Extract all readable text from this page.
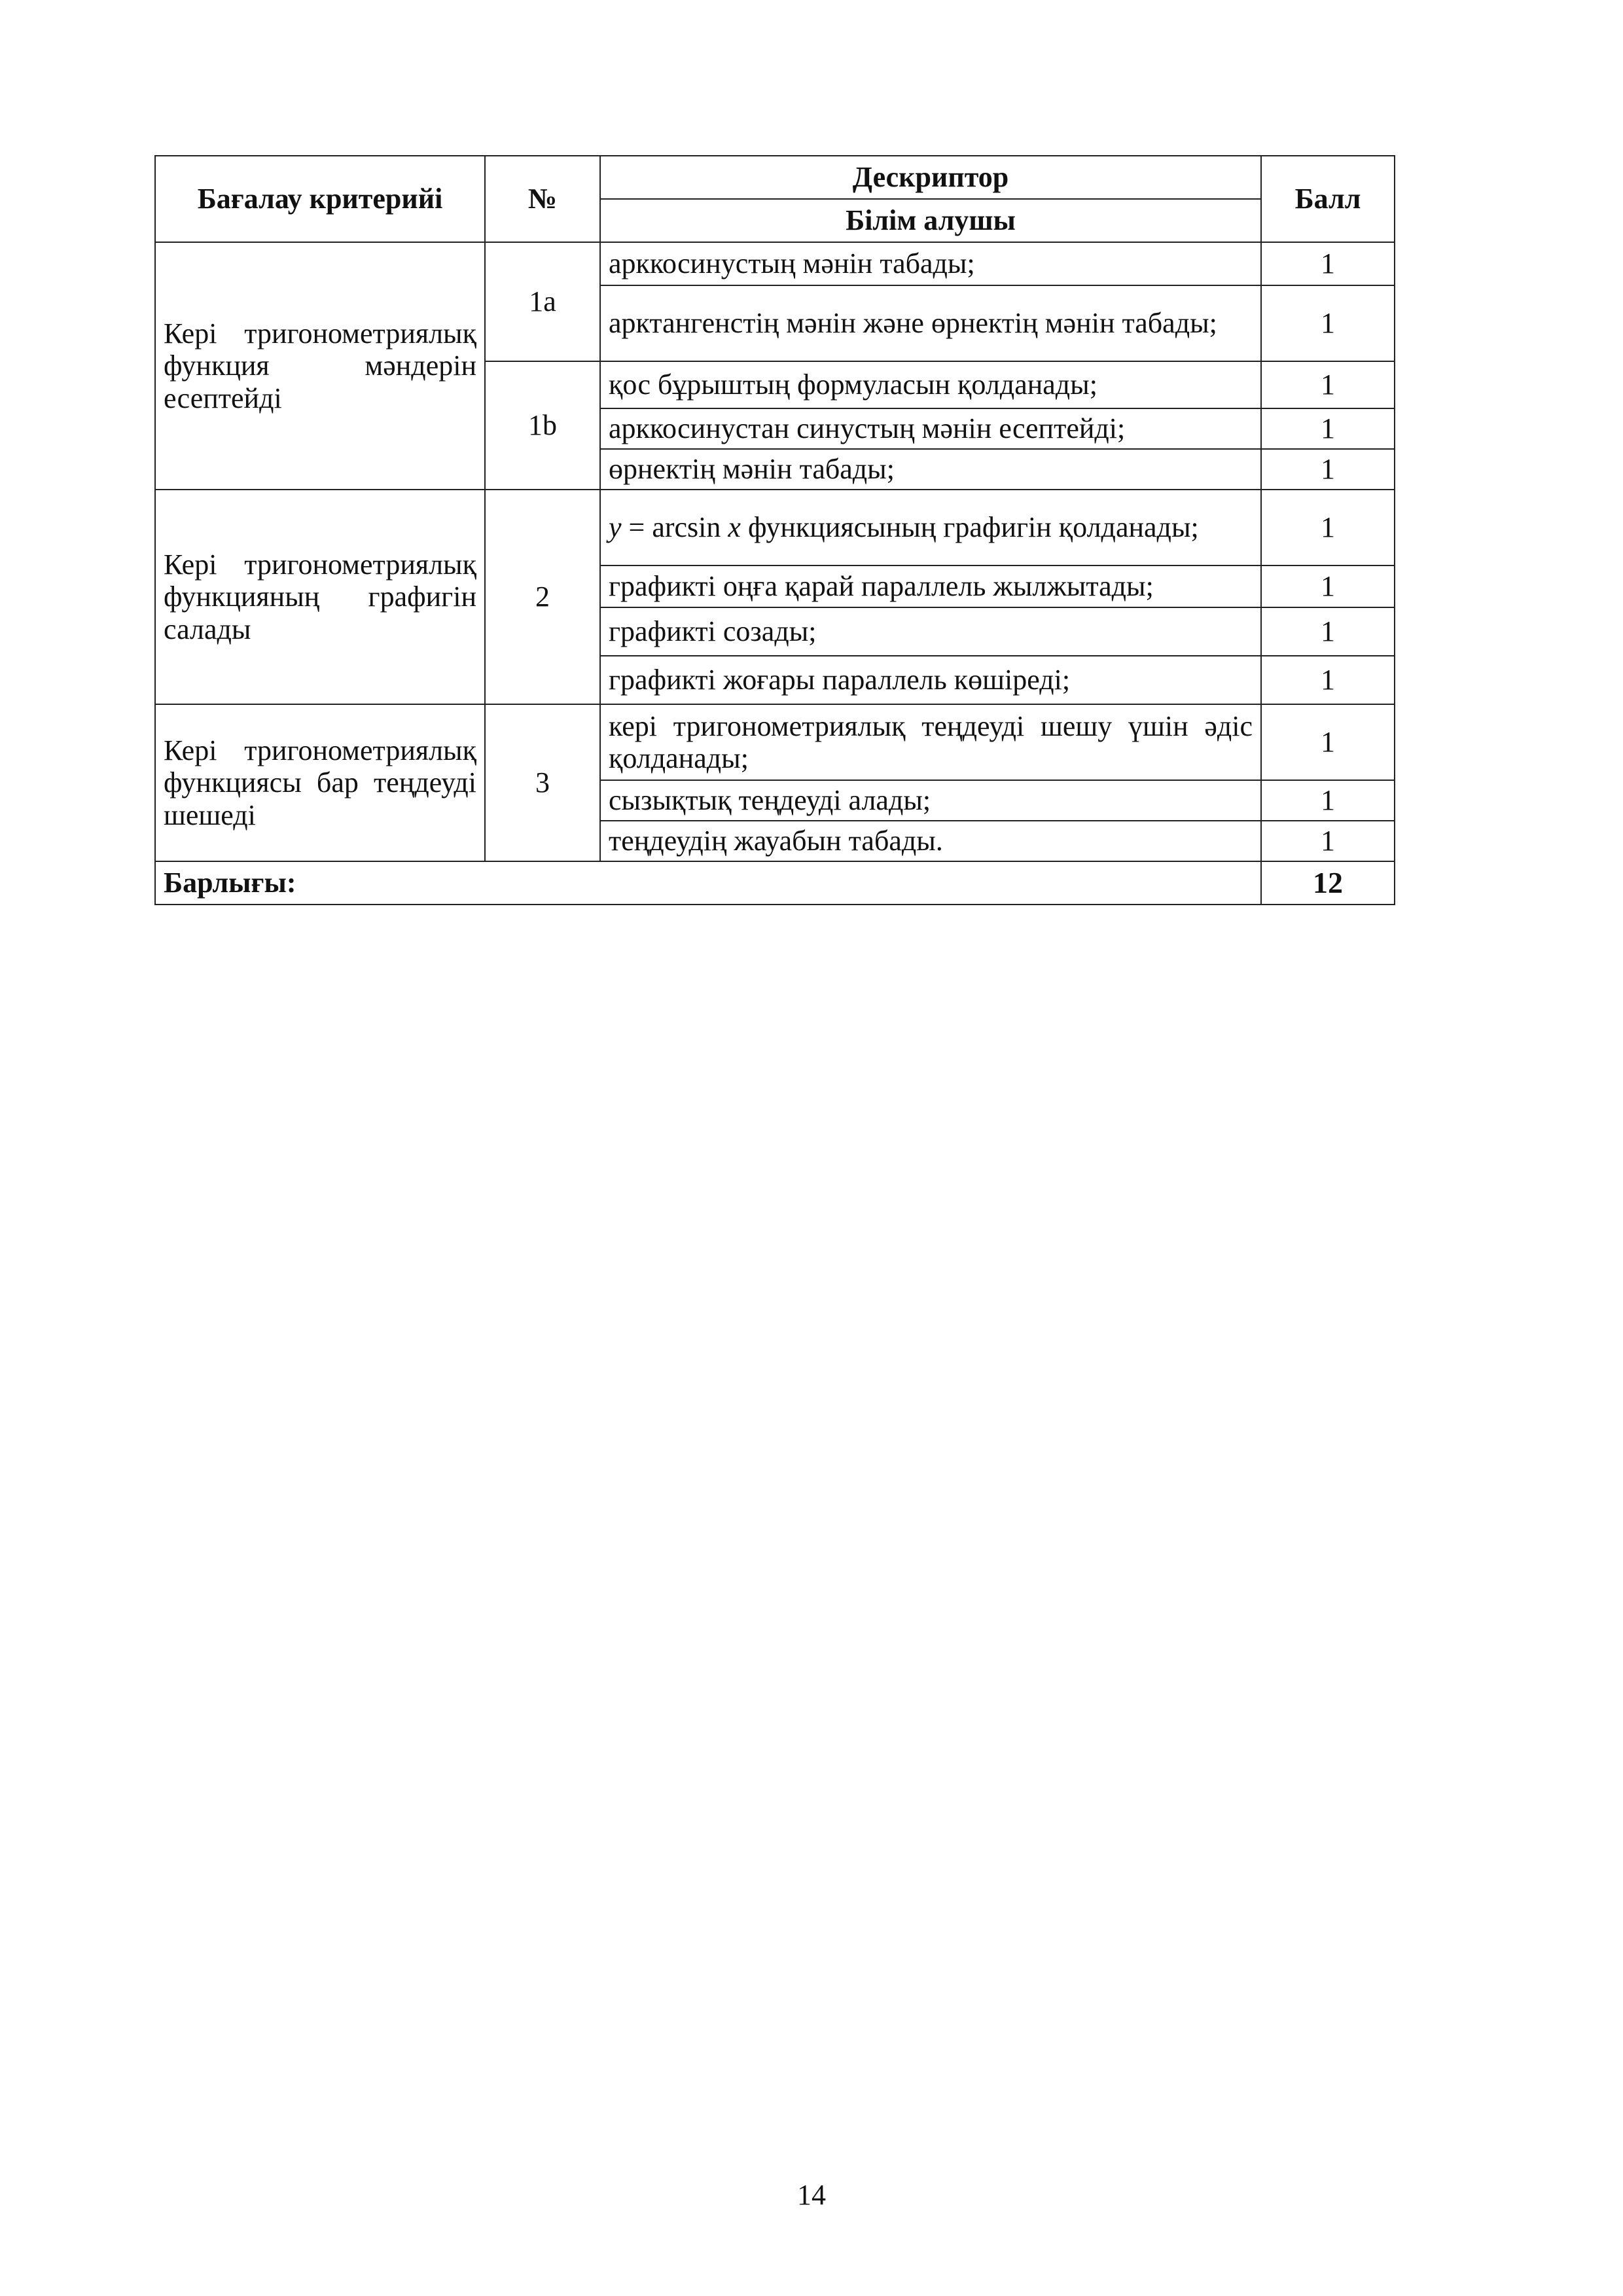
Бағалау критерийі	№	Дескриптор	Балл
		Білім алушы	
Кері тригонометриялық функция мәндерін есептейді	1a	арккосинустың мәнін табады;	1
		арктангенстің мәнін және өрнектің мәнін табады;	1
	1b	қос бұрыштың формуласын қолданады;	1
		арккосинустан синустың мәнін есептейді;	1
		өрнектің мәнін табады;	1
Кері тригонометриялық функцияның графигін салады	2	y = arcsin x функциясының графигін қолданады;	1
		графикті оңға қарай параллель жылжытады;	1
		графикті созады;	1
		графикті жоғары параллель көшіреді;	1
Кері тригонометриялық функциясы бар теңдеуді шешеді	3	кері тригонометриялық теңдеуді шешу үшін әдіс қолданады;	1
		сызықтық теңдеуді алады;	1
		теңдеудің жауабын табады.	1
Барлығы:			12
14
